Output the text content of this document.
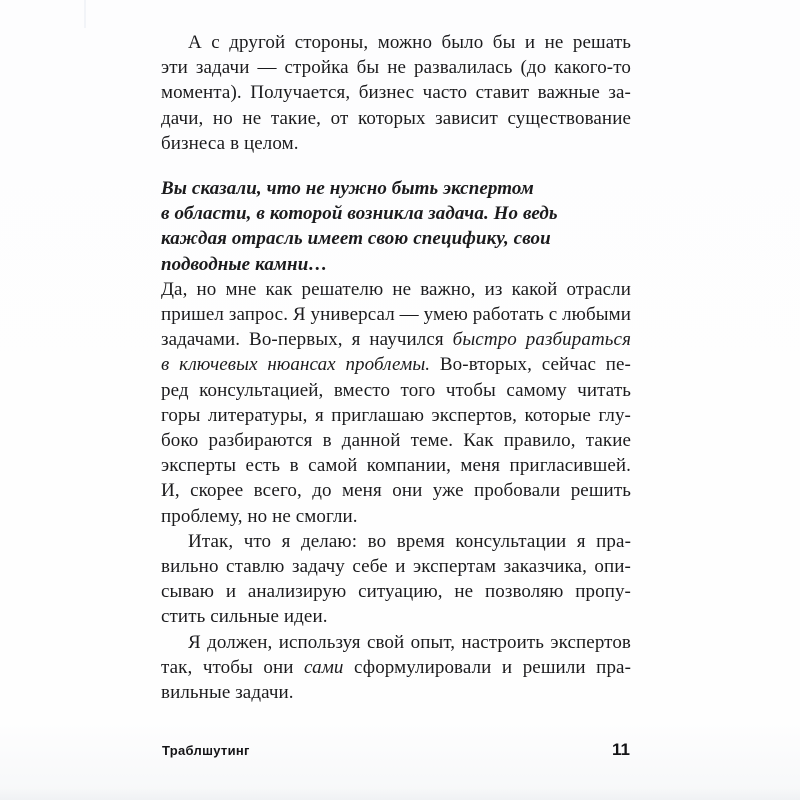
А с другой стороны, можно было бы и не решать
эти задачи — стройка бы не развалилась (до какого-то
момента). Получается, бизнес часто ставит важные за-
дачи, но не такие, от которых зависит существование
бизнеса в целом.
Вы сказали, что не нужно быть экспертом
в области, в которой возникла задача. Но ведь
каждая отрасль имеет свою специфику, свои
подводные камни…
Да, но мне как решателю не важно, из какой отрасли
пришел запрос. Я универсал — умею работать с любыми
задачами. Во-первых, я научился быстро разбираться
в ключевых нюансах проблемы. Во-вторых, сейчас пе-
ред консультацией, вместо того чтобы самому читать
горы литературы, я приглашаю экспертов, которые глу-
боко разбираются в данной теме. Как правило, такие
эксперты есть в самой компании, меня пригласившей.
И, скорее всего, до меня они уже пробовали решить
проблему, но не смогли.
Итак, что я делаю: во время консультации я пра-
вильно ставлю задачу себе и экспертам заказчика, опи-
сываю и анализирую ситуацию, не позволяю пропу-
стить сильные идеи.
Я должен, используя свой опыт, настроить экспертов
так, чтобы они сами сформулировали и решили пра-
вильные задачи.
Траблшутинг	11
